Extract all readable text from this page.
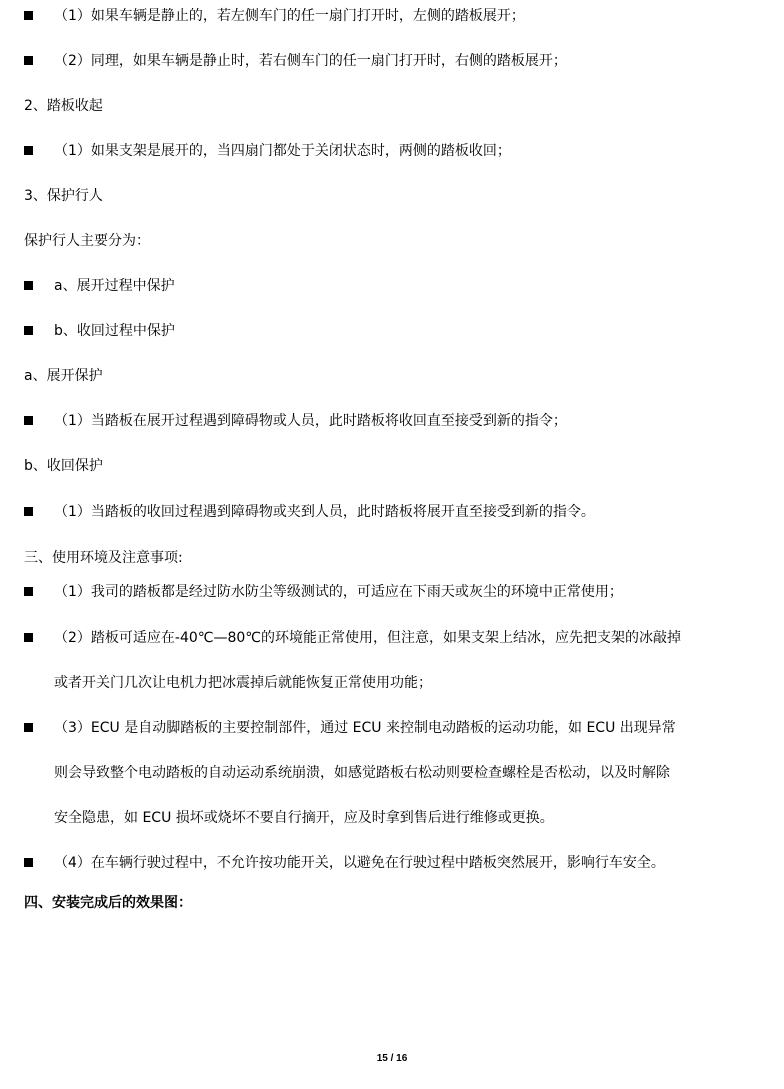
（1）如果车辆是静止的，若左侧车门的任一扇门打开时，左侧的踏板展开；
（2）同理，如果车辆是静止时，若右侧车门的任一扇门打开时，右侧的踏板展开；
2、踏板收起
（1）如果支架是展开的，当四扇门都处于关闭状态时，两侧的踏板收回；
3、保护行人
保护行人主要分为：
a、展开过程中保护
b、收回过程中保护
a、展开保护
（1）当踏板在展开过程遇到障碍物或人员，此时踏板将收回直至接受到新的指令；
b、收回保护
（1）当踏板的收回过程遇到障碍物或夹到人员，此时踏板将展开直至接受到新的指令。
三、使用环境及注意事项:
（1）我司的踏板都是经过防水防尘等级测试的，可适应在下雨天或灰尘的环境中正常使用；
（2）踏板可适应在-40℃—80℃的环境能正常使用，但注意，如果支架上结冰，应先把支架的冰敲掉
或者开关门几次让电机力把冰震掉后就能恢复正常使用功能；
（3）ECU 是自动脚踏板的主要控制部件，通过 ECU 来控制电动踏板的运动功能，如 ECU 出现异常
则会导致整个电动踏板的自动运动系统崩溃，如感觉踏板右松动则要检查螺栓是否松动，以及时解除
安全隐患，如 ECU 损坏或烧坏不要自行摘开，应及时拿到售后进行维修或更换。
（4）在车辆行驶过程中，不允许按功能开关，以避免在行驶过程中踏板突然展开，影响行车安全。
四、安装完成后的效果图：
15 / 16
